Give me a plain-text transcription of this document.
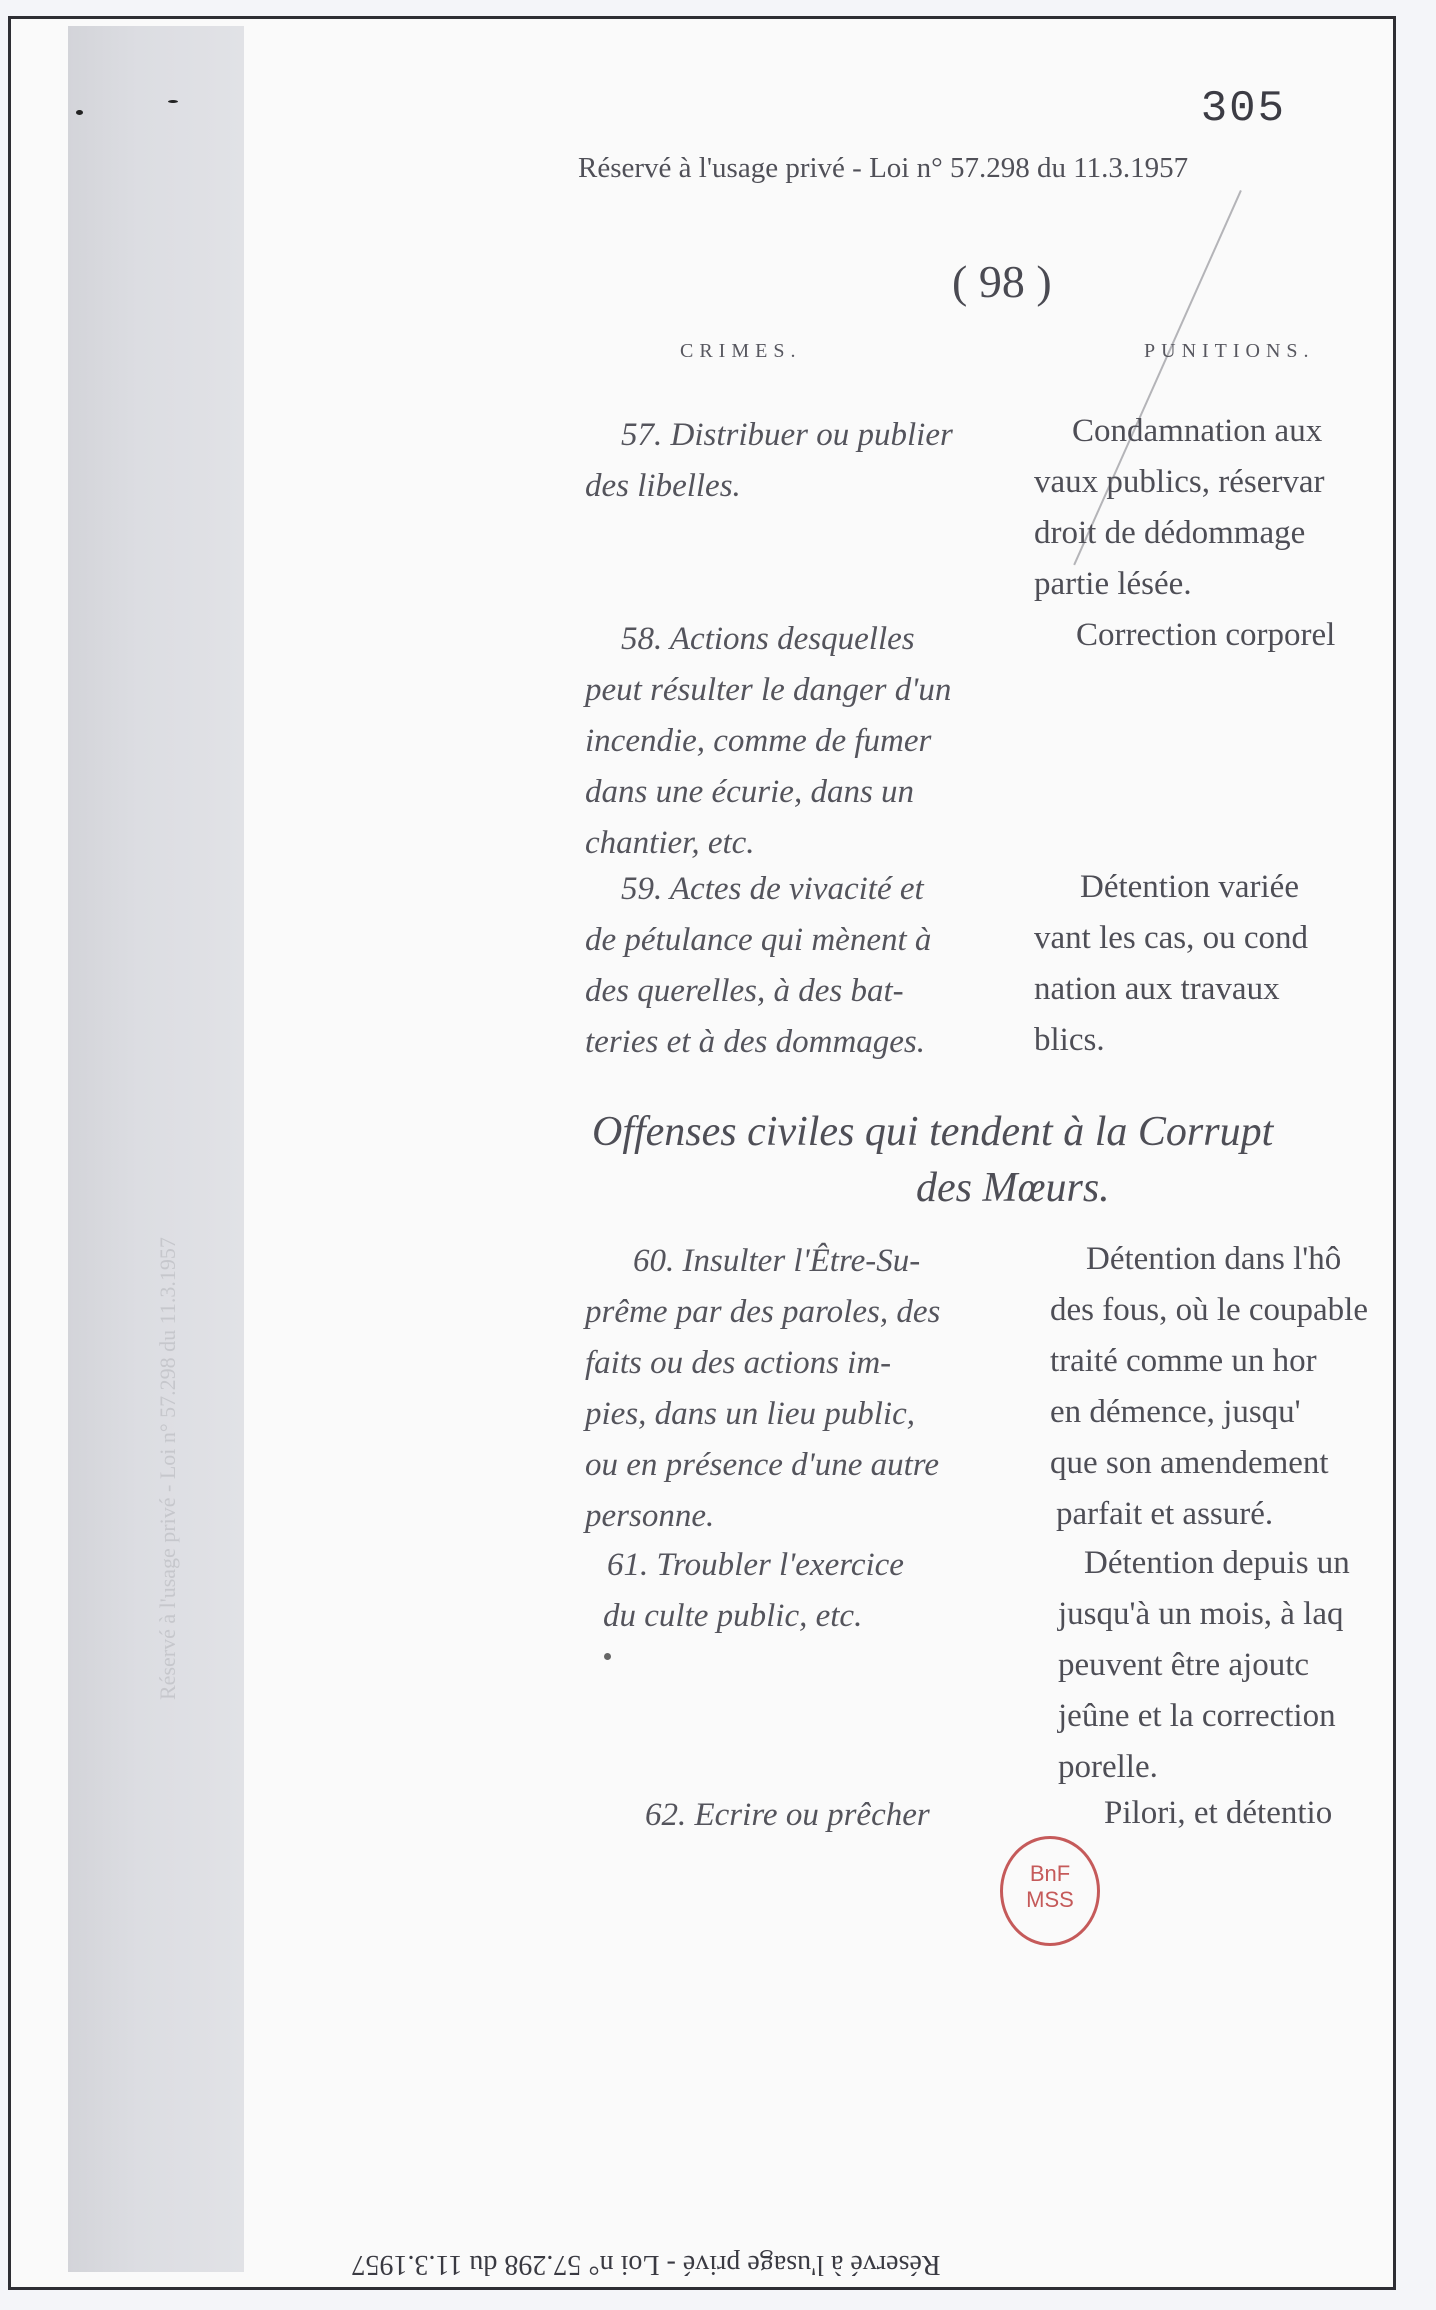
305
Réservé à l'usage privé - Loi n° 57.298 du 11.3.1957
( 98 )
CRIMES.	PUNITIONS.
57. Distribuer ou publier
des libelles.
Condamnation aux
vaux publics, réservar
droit de dédommage
partie lésée.
58. Actions desquelles
peut résulter le danger d'un
incendie, comme de fumer
dans une écurie, dans un
chantier, etc.
Correction corporel
59. Actes de vivacité et
de pétulance qui mènent à
des querelles, à des bat-
teries et à des dommages.
Détention variée
vant les cas, ou cond
nation aux travaux
blics.
Offenses civiles qui tendent à la Corrupt
des Mœurs.
60. Insulter l'Être-Su-
prême par des paroles, des
faits ou des actions im-
pies, dans un lieu public,
ou en présence d'une autre
personne.
Détention dans l'hô
des fous, où le coupable
traité comme un hor
en démence, jusqu'
que son amendement
parfait et assuré.
61. Troubler l'exercice
du culte public, etc.
Détention depuis un
jusqu'à un mois, à laq
peuvent être ajoutc
jeûne et la correction
porelle.
62. Ecrire ou prêcher	Pilori, et détentio
BnF
MSS
Réservé à l'usage privé - Loi n° 57.298 du 11.3.1957
